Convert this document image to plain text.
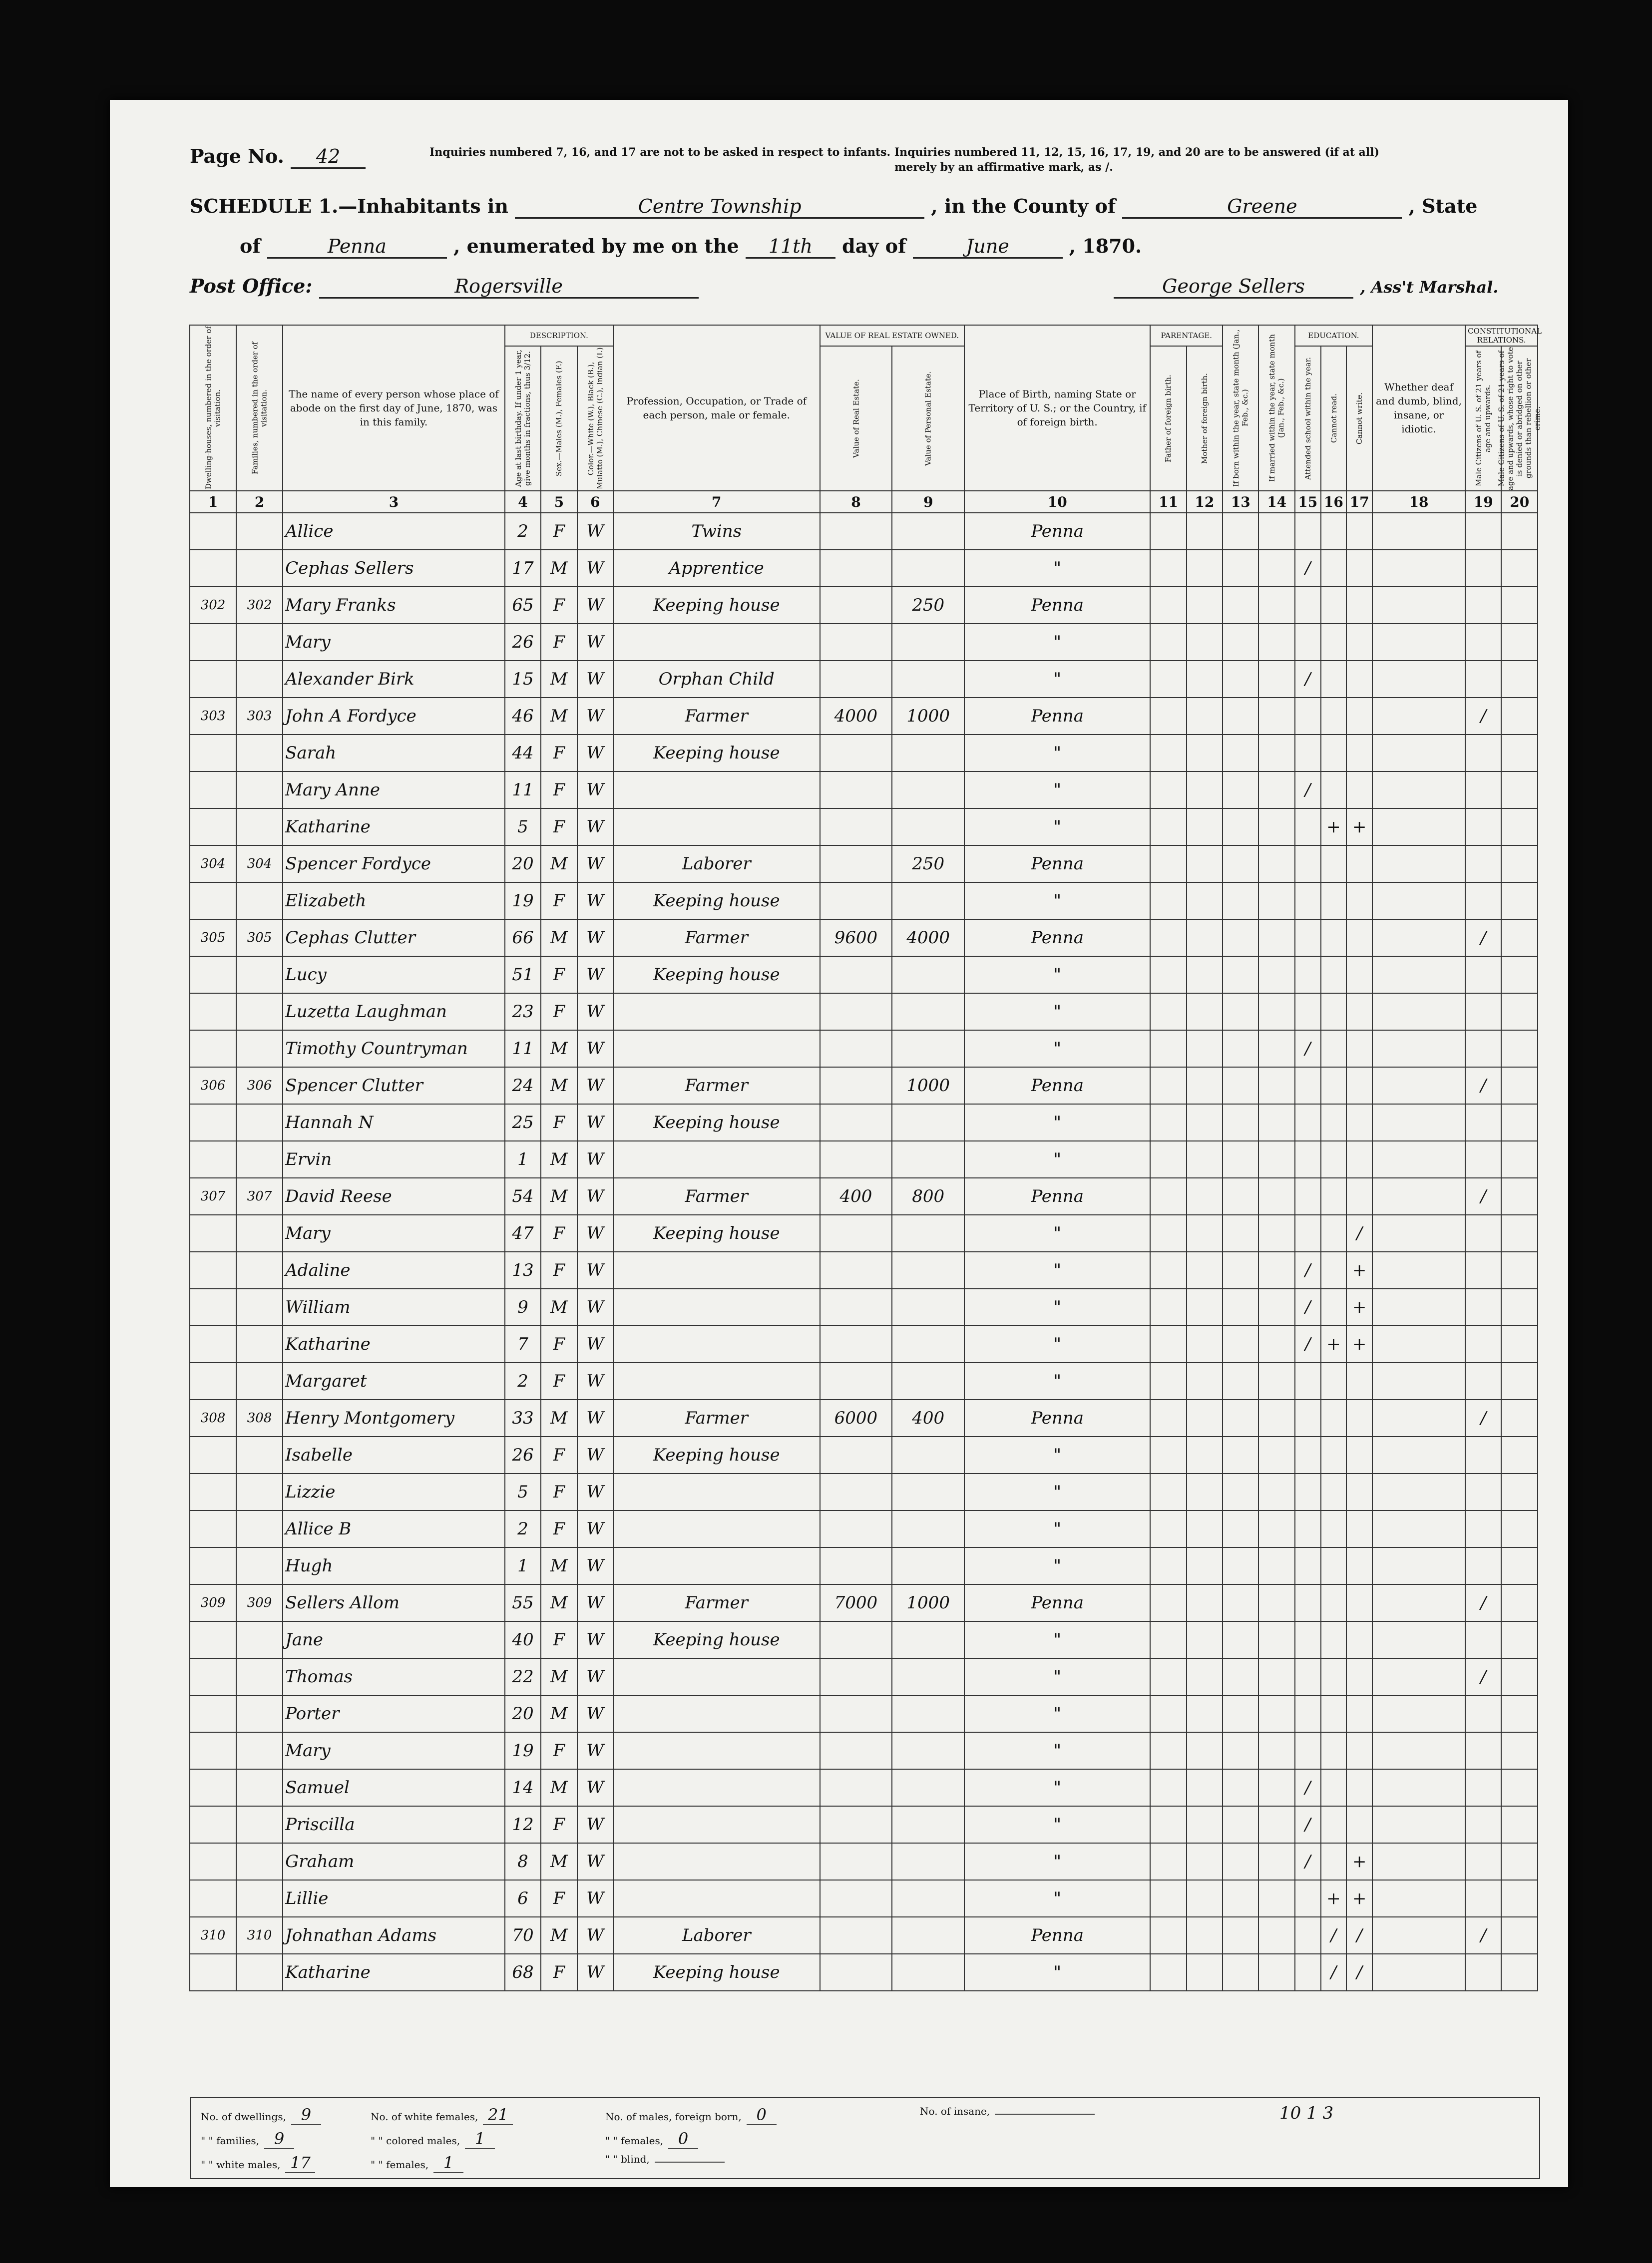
Page No. 42	Inquiries numbered 7, 16, and 17 are not to be asked in respect to infants. Inquiries numbered 11, 12, 15, 16, 17, 19, and 20 are to be answered (if at all)
merely by an affirmative mark, as /.
SCHEDULE 1.—Inhabitants in	Centre Township	, in the County of	Greene	, State
of	Penna	, enumerated by me on the 11th day of	June	, 1870.
Post Office:	Rogersville	George Sellers	, Ass't Marshal.
	Dwelling-houses, numbered in the order of visitation.	Families, numbered in the order of visitation.	The name of every person whose place of abode on the first day of June, 1870, was in this family.	DESCRIPTION.			Profession, Occupation, or Trade of each person, male or female.	VALUE OF REAL ESTATE OWNED.		Place of Birth, naming State or Territory of U. S.; or the Country, if of foreign birth.	PARENTAGE.		If born within the year, state month (Jan., Feb., &c.)	If married within the year, state month (Jan., Feb., &c.)	EDUCATION.			Whether deaf and dumb, blind, insane, or idiotic.	CONSTITUTIONAL RELATIONS.	
			Age at last birthday. If under 1 year, give months in fractions, thus 3/12.	Sex.—Males (M.), Females (F.)	Color.—White (W.), Black (B.), Mulatto (M.), Chinese (C.), Indian (I.)		Value of Real Estate.	Value of Personal Estate.		Father of foreign birth.	Mother of foreign birth.			Attended school within the year.	Cannot read.	Cannot write.		Male Citizens of U. S. of 21 years of age and upwards.	Male Citizens of U. S. of 21 years of age and upwards, whose right to vote is denied or abridged on other grounds than rebellion or other crime.
	1	2	3	4	5	6	7	8	9	10	11	12	13	14	15	16	17	18	19	20

			Allice	2	F	W	Twins			Penna										

			Cephas Sellers	17	M	W	Apprentice			"					/					

	302	302	Mary Franks	65	F	W	Keeping house		250	Penna										

			Mary	26	F	W				"										

			Alexander Birk	15	M	W	Orphan Child			"					/					

	303	303	John A Fordyce	46	M	W	Farmer	4000	1000	Penna									/	

			Sarah	44	F	W	Keeping house			"										

			Mary Anne	11	F	W				"					/					

			Katharine	5	F	W				"						+	+			

	304	304	Spencer Fordyce	20	M	W	Laborer		250	Penna										

			Elizabeth	19	F	W	Keeping house			"										

	305	305	Cephas Clutter	66	M	W	Farmer	9600	4000	Penna									/	

			Lucy	51	F	W	Keeping house			"										

			Luzetta Laughman	23	F	W				"										

			Timothy Countryman	11	M	W				"					/					

	306	306	Spencer Clutter	24	M	W	Farmer		1000	Penna									/	

			Hannah N	25	F	W	Keeping house			"										

			Ervin	1	M	W				"										

	307	307	David Reese	54	M	W	Farmer	400	800	Penna									/	

			Mary	47	F	W	Keeping house			"							/			

			Adaline	13	F	W				"					/		+			

			William	9	M	W				"					/		+			

			Katharine	7	F	W				"					/	+	+			

			Margaret	2	F	W				"										

	308	308	Henry Montgomery	33	M	W	Farmer	6000	400	Penna									/	

			Isabelle	26	F	W	Keeping house			"										

			Lizzie	5	F	W				"										

			Allice B	2	F	W				"										

			Hugh	1	M	W				"										

	309	309	Sellers Allom	55	M	W	Farmer	7000	1000	Penna									/	

			Jane	40	F	W	Keeping house			"										

			Thomas	22	M	W				"									/	

			Porter	20	M	W				"										

			Mary	19	F	W				"										

			Samuel	14	M	W				"					/					

			Priscilla	12	F	W				"					/					

			Graham	8	M	W				"					/		+			

			Lillie	6	F	W				"						+	+			

	310	310	Johnathan Adams	70	M	W	Laborer			Penna						/	/		/	

			Katharine	68	F	W	Keeping house			"						/	/			
No. of dwellings, 9	No. of white females, 21	No. of males, foreign born, 0
" " families, 9	" " colored males, 1	" " females, 0
" " white males, 17	" " females, 1	" " blind,
No. of insane,	10 1 3
